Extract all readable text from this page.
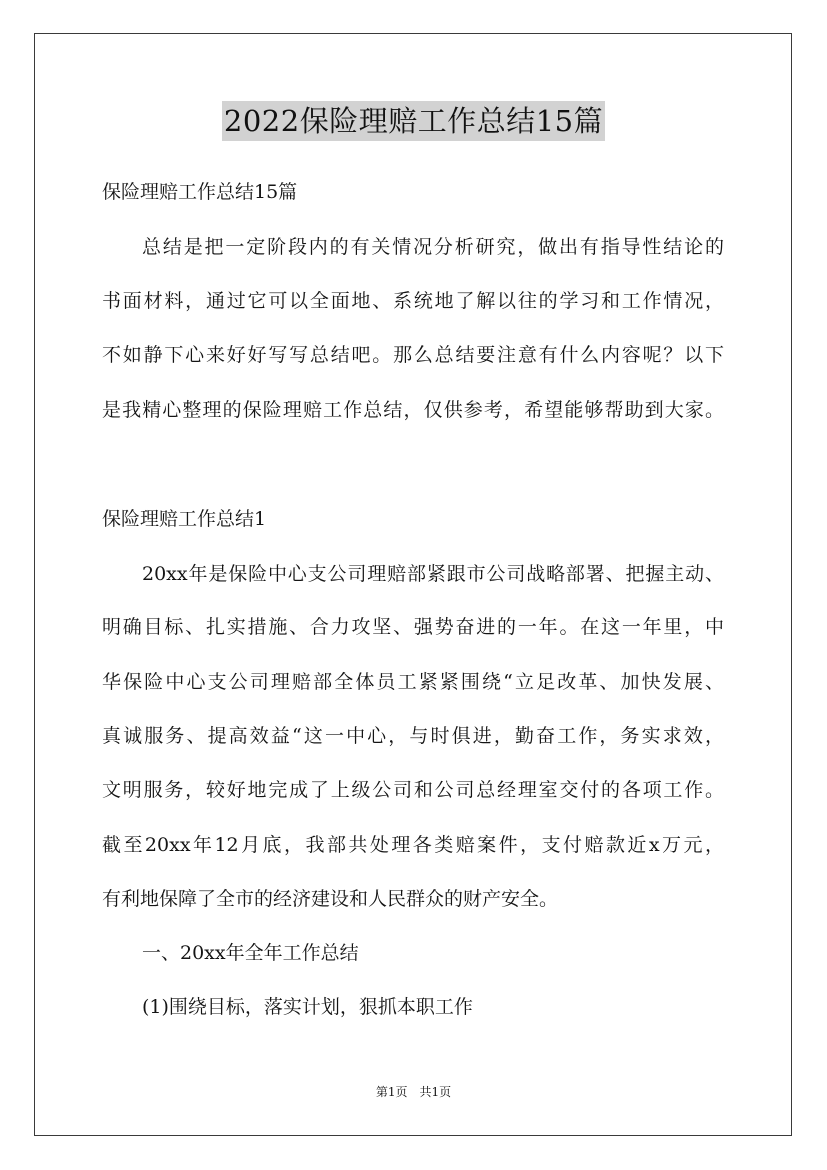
2022保险理赔工作总结15篇
保险理赔工作总结15篇
总结是把一定阶段内的有关情况分析研究，做出有指导性结论的
书面材料，通过它可以全面地、系统地了解以往的学习和工作情况，
不如静下心来好好写写总结吧。那么总结要注意有什么内容呢？以下
是我精心整理的保险理赔工作总结，仅供参考，希望能够帮助到大家。
保险理赔工作总结1
20xx年是保险中心支公司理赔部紧跟市公司战略部署、把握主动、
明确目标、扎实措施、合力攻坚、强势奋进的一年。在这一年里，中
华保险中心支公司理赔部全体员工紧紧围绕“立足改革、加快发展、
真诚服务、提高效益“这一中心，与时俱进，勤奋工作，务实求效，
文明服务，较好地完成了上级公司和公司总经理室交付的各项工作。
截至20xx年12月底，我部共处理各类赔案件，支付赔款近x万元，
有利地保障了全市的经济建设和人民群众的财产安全。
一、20xx年全年工作总结
(1)围绕目标，落实计划，狠抓本职工作
第1页　共1页
